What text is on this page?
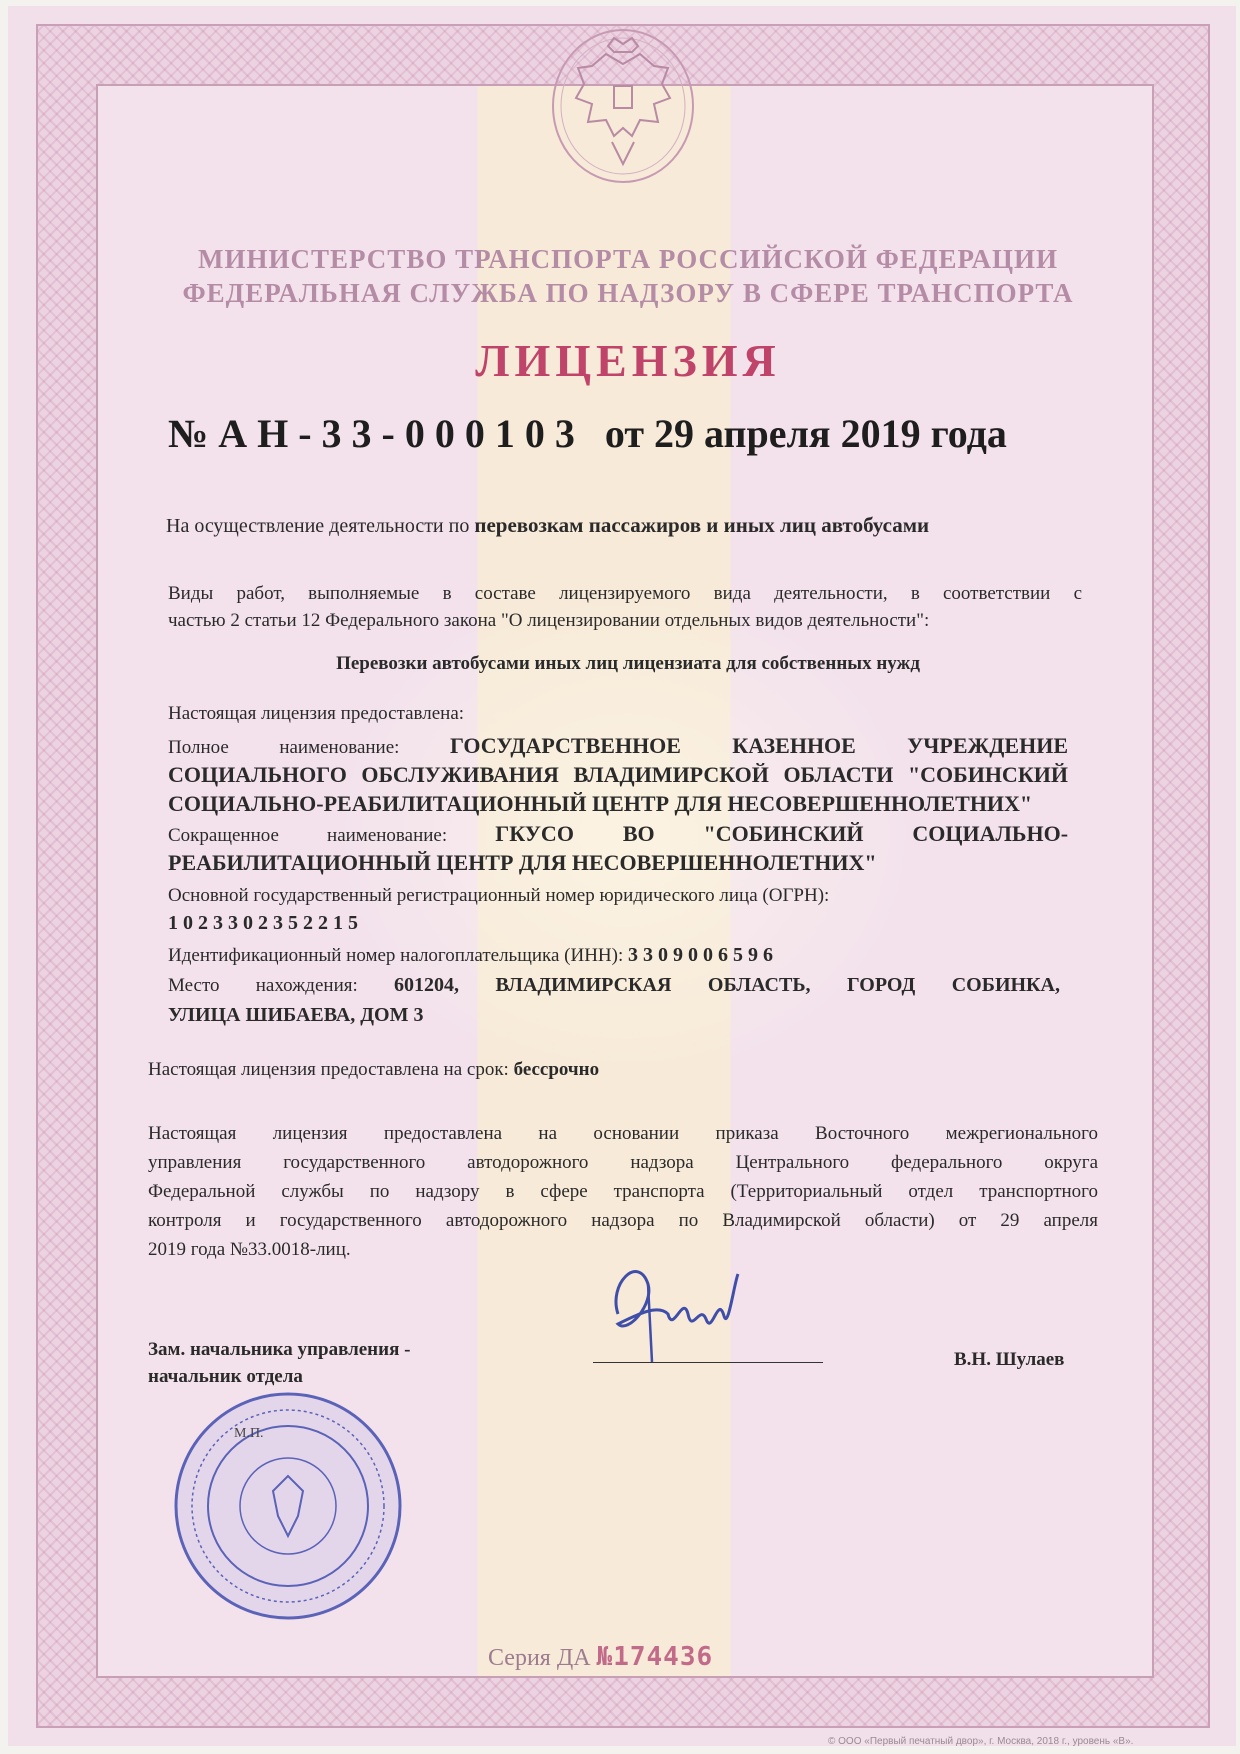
МИНИСТЕРСТВО ТРАНСПОРТА РОССИЙСКОЙ ФЕДЕРАЦИИ
ФЕДЕРАЛЬНАЯ СЛУЖБА ПО НАДЗОРУ В СФЕРЕ ТРАНСПОРТА
ЛИЦЕНЗИЯ
№ А Н - 3 3 - 0 0 0 1 0 3 от 29 апреля 2019 года
На осуществление деятельности по перевозкам пассажиров и иных лиц автобусами
Виды работ, выполняемые в составе лицензируемого вида деятельности, в соответствии с
частью 2 статьи 12 Федерального закона "О лицензировании отдельных видов деятельности":
Перевозки автобусами иных лиц лицензиата для собственных нужд
Настоящая лицензия предоставлена:
Полное наименование: ГОСУДАРСТВЕННОЕ КАЗЕННОЕ УЧРЕЖДЕНИЕ
СОЦИАЛЬНОГО ОБСЛУЖИВАНИЯ ВЛАДИМИРСКОЙ ОБЛАСТИ "СОБИНСКИЙ
СОЦИАЛЬНО-РЕАБИЛИТАЦИОННЫЙ ЦЕНТР ДЛЯ НЕСОВЕРШЕННОЛЕТНИХ"
Сокращенное наименование: ГКУСО ВО "СОБИНСКИЙ СОЦИАЛЬНО-
РЕАБИЛИТАЦИОННЫЙ ЦЕНТР ДЛЯ НЕСОВЕРШЕННОЛЕТНИХ"
Основной государственный регистрационный номер юридического лица (ОГРН):
1 0 2 3 3 0 2 3 5 2 2 1 5
Идентификационный номер налогоплательщика (ИНН): 3 3 0 9 0 0 6 5 9 6
Место нахождения: 601204, ВЛАДИМИРСКАЯ ОБЛАСТЬ, ГОРОД СОБИНКА,
УЛИЦА ШИБАЕВА, ДОМ 3
Настоящая лицензия предоставлена на срок: бессрочно
Настоящая лицензия предоставлена на основании приказа Восточного межрегионального
управления государственного автодорожного надзора Центрального федерального округа
Федеральной службы по надзору в сфере транспорта (Территориальный отдел транспортного
контроля и государственного автодорожного надзора по Владимирской области) от 29 апреля
2019 года №33.0018-лиц.
Зам. начальника управления -
начальник отдела
В.Н. Шулаев
М.П.
Серия ДА №174436
© ООО «Первый печатный двор», г. Москва, 2018 г., уровень «В».
